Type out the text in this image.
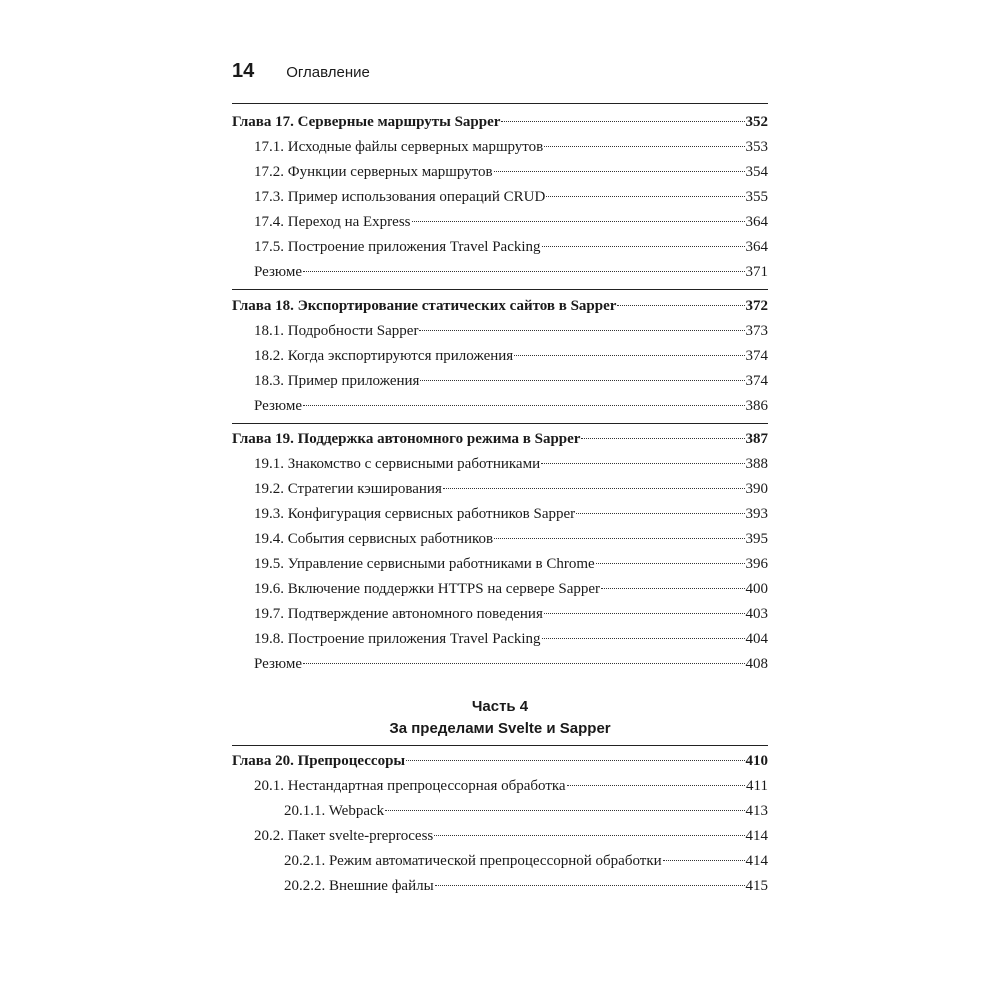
14 Оглавление
Глава 17. Серверные маршруты Sapper	352
17.1. Исходные файлы серверных маршрутов	353
17.2. Функции серверных маршрутов	354
17.3. Пример использования операций CRUD	355
17.4. Переход на Express	364
17.5. Построение приложения Travel Packing	364
Резюме	371
Глава 18. Экспортирование статических сайтов в Sapper	372
18.1. Подробности Sapper	373
18.2. Когда экспортируются приложения	374
18.3. Пример приложения	374
Резюме	386
Глава 19. Поддержка автономного режима в Sapper	387
19.1. Знакомство с сервисными работниками	388
19.2. Стратегии кэширования	390
19.3. Конфигурация сервисных работников Sapper	393
19.4. События сервисных работников	395
19.5. Управление сервисными работниками в Chrome	396
19.6. Включение поддержки HTTPS на сервере Sapper	400
19.7. Подтверждение автономного поведения	403
19.8. Построение приложения Travel Packing	404
Резюме	408
Часть 4
За пределами Svelte и Sapper
Глава 20. Препроцессоры	410
20.1. Нестандартная препроцессорная обработка	411
20.1.1. Webpack	413
20.2. Пакет svelte-preprocess	414
20.2.1. Режим автоматической препроцессорной обработки	414
20.2.2. Внешние файлы	415
